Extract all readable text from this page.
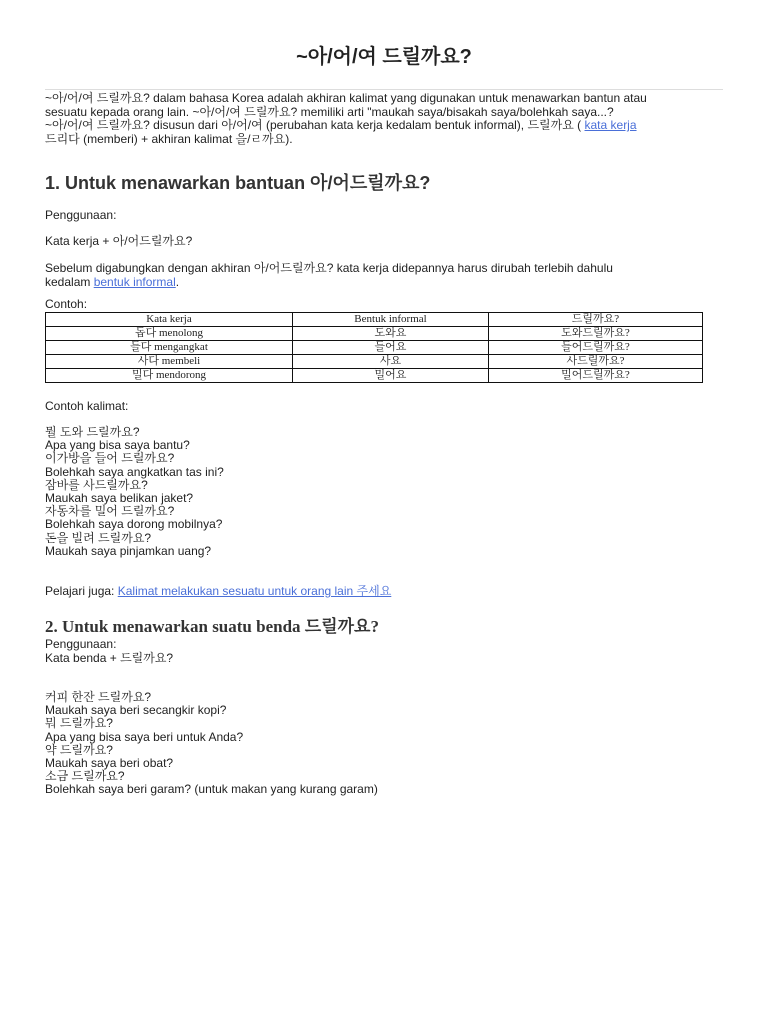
~아/어/여 드릴까요?

~아/어/여 드릴까요? dalam bahasa Korea adalah akhiran kalimat yang digunakan untuk menawarkan bantun atau

sesuatu kepada orang lain. ~아/어/여 드릴까요? memiliki arti "maukah saya/bisakah saya/bolehkah saya...?

~아/어/여 드릴까요? disusun dari 아/어/여 (perubahan kata kerja kedalam bentuk informal), 드릴까요 ( kata kerja

드리다 (memberi) + akhiran kalimat 을/ㄹ까요).

1. Untuk menawarkan bantuan 아/어드릴까요?
Penggunaan:
Kata kerja + 아/어드릴까요?
Sebelum digabungkan dengan akhiran 아/어드릴까요? kata kerja didepannya harus dirubah terlebih dahulu
kedalam bentuk informal.
Contoh:
Kata kerja	Bentuk informal	드릴까요?
돕다 menolong	도와요	도와드릴까요?
들다 mengangkat	들어요	들어드릴까요?
사다 membeli	사요	사드릴까요?
밀다 mendorong	밀어요	밀어드릴까요?
Contoh kalimat:
뭘 도와 드릴까요?
Apa yang bisa saya bantu?
이가방을 들어 드릴까요?
Bolehkah saya angkatkan tas ini?
잠바를 사드릴까요?
Maukah saya belikan jaket?
자동차를 밀어 드릴까요?
Bolehkah saya dorong mobilnya?
돈을 빌려 드릴까요?
Maukah saya pinjamkan uang?
Pelajari juga: Kalimat melakukan sesuatu untuk orang lain 주세요
2. Untuk menawarkan suatu benda 드릴까요?
Penggunaan:
Kata benda + 드릴까요?
커피 한잔 드릴까요?
Maukah saya beri secangkir kopi?
뭐 드릴까요?
Apa yang bisa saya beri untuk Anda?
약 드릴까요?
Maukah saya beri obat?
소금 드릴까요?
Bolehkah saya beri garam? (untuk makan yang kurang garam)
